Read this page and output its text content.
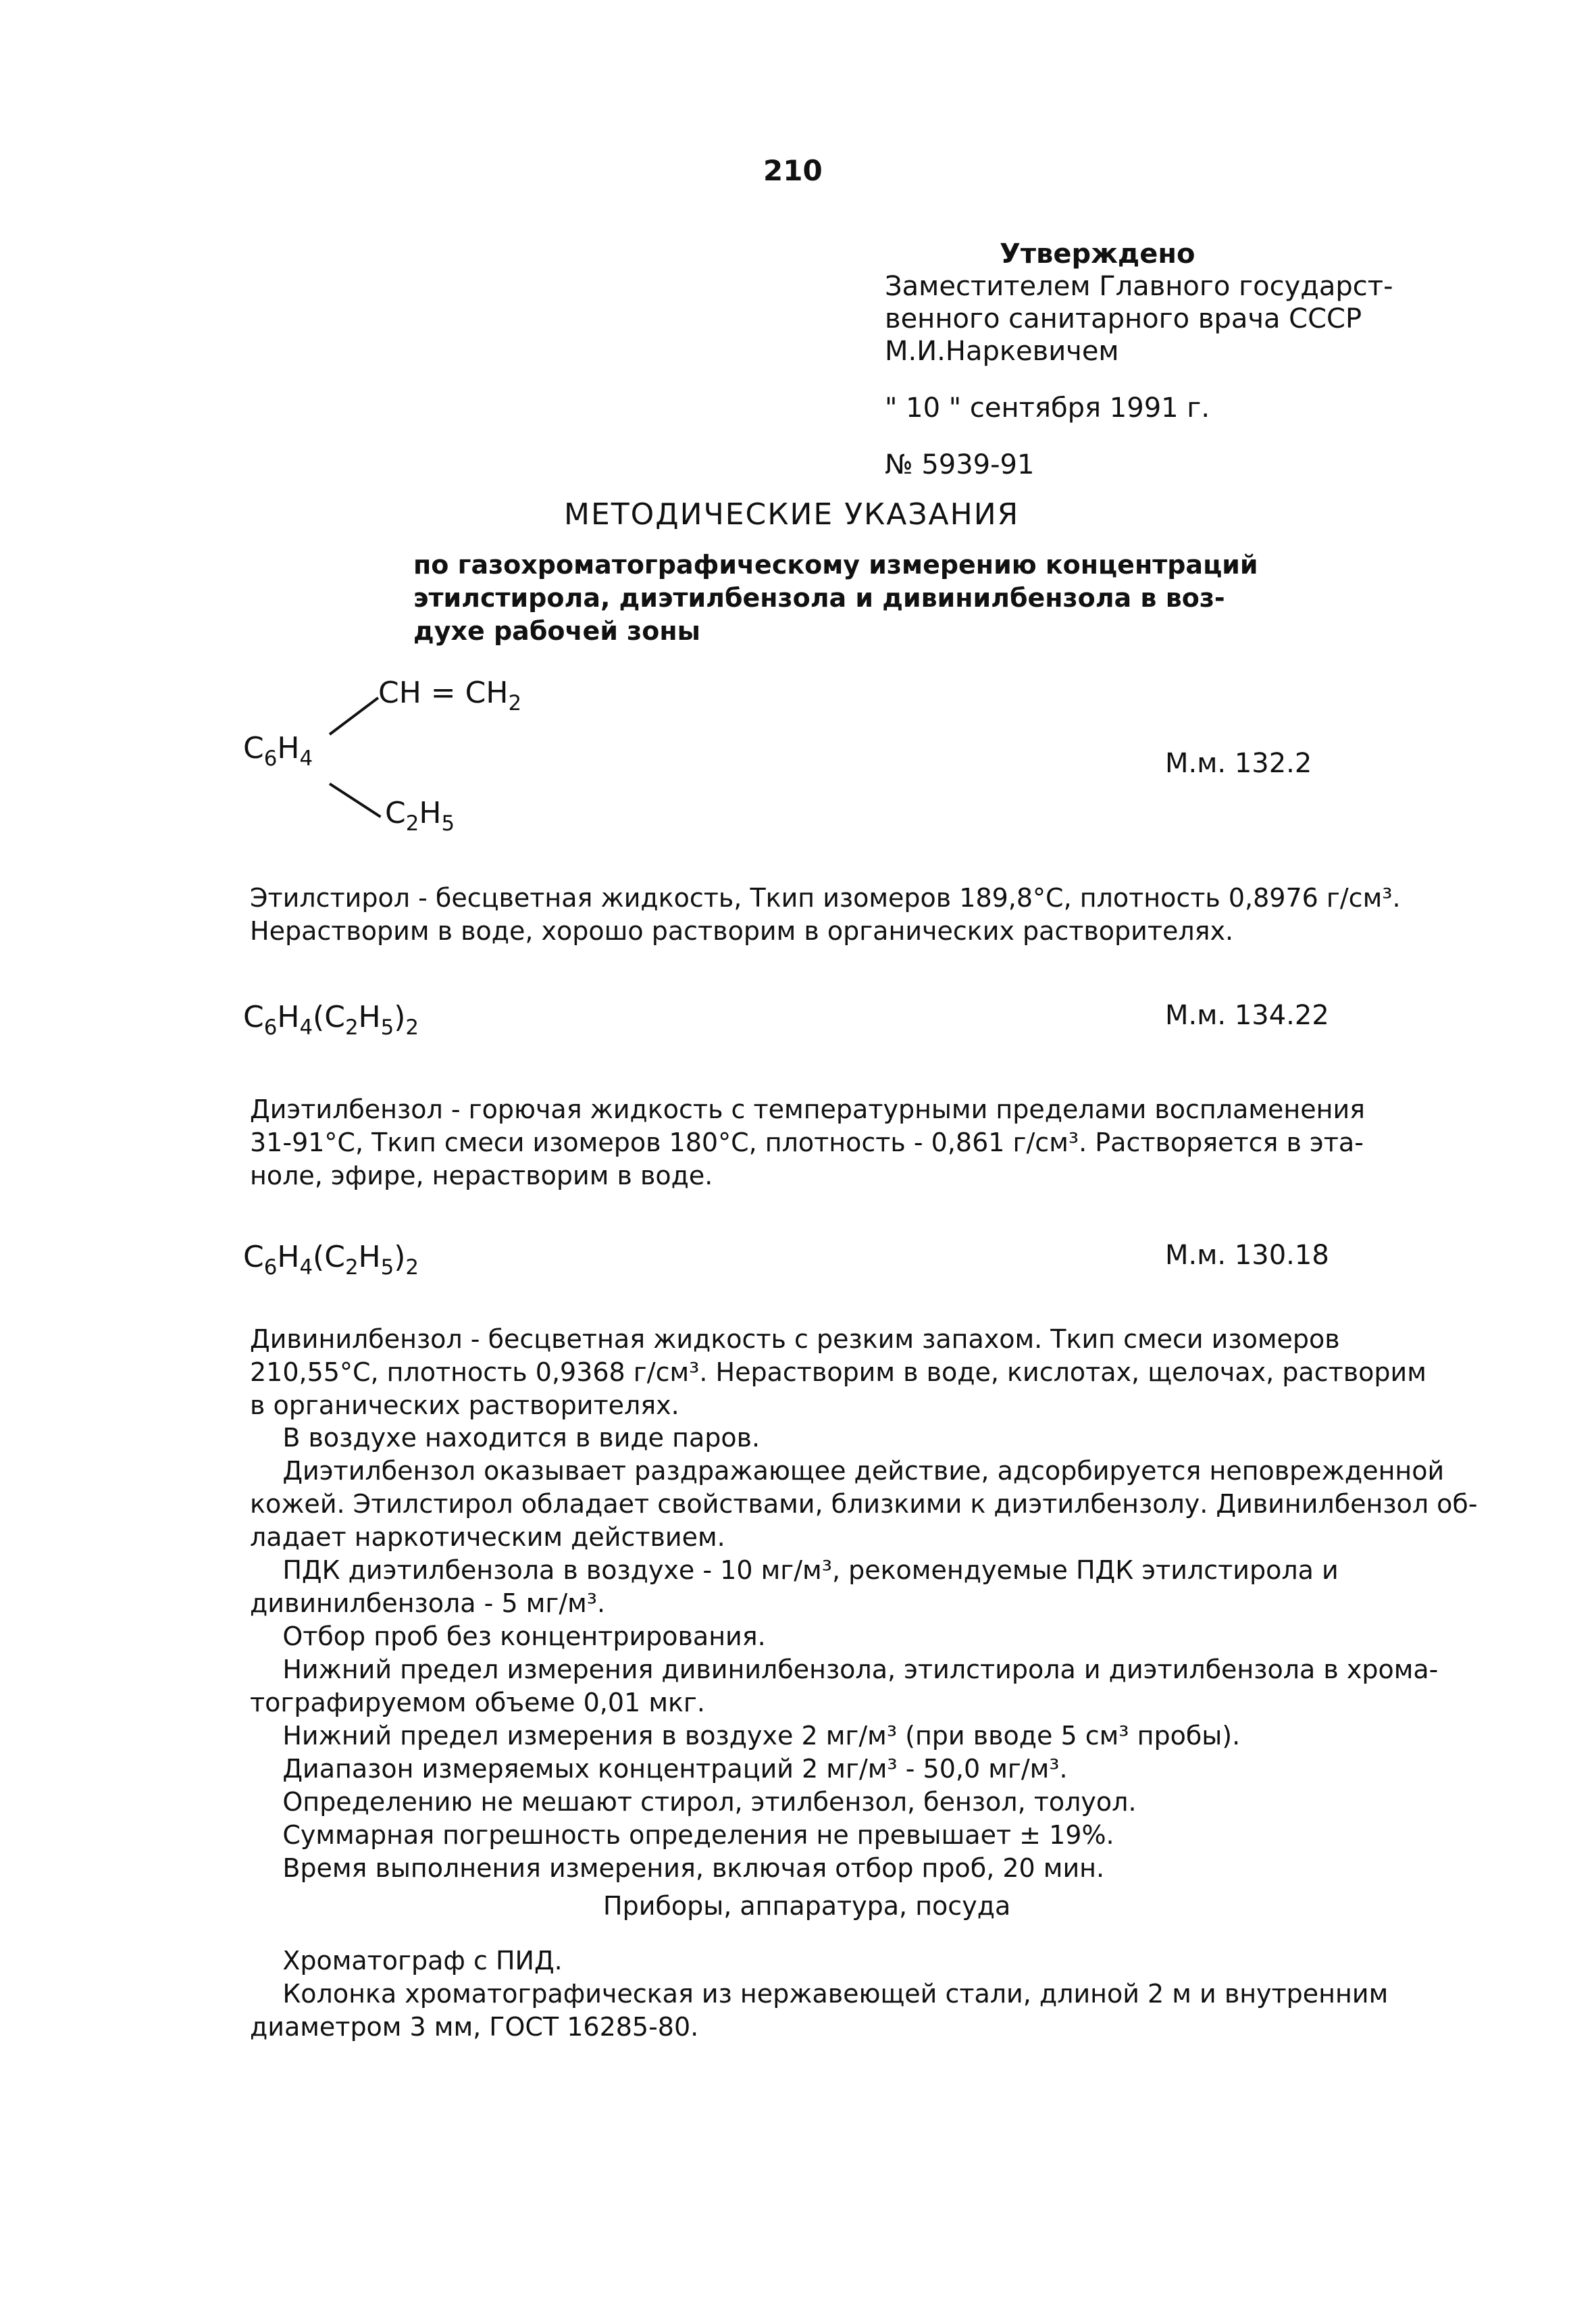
210
Утверждено
Заместителем Главного государст-
венного санитарного врача СССР
М.И.Наркевичем
" 10 " сентября 1991 г.
№ 5939-91
МЕТОДИЧЕСКИЕ УКАЗАНИЯ
по газохроматографическому измерению концентраций
этилстирола, диэтилбензола и дивинилбензола в воз-
духе рабочей зоны
$C_6H_4$
CH = $CH_2$
$C_2H_5$
М.м. 132.2
Этилстирол - бесцветная жидкость, Ткип изомеров 189,8°С, плотность 0,8976 г/см³.
Нерастворим в воде, хорошо растворим в органических растворителях.
$C_6H_4(C_2H_5)_2$	М.м. 134.22
Диэтилбензол - горючая жидкость с температурными пределами воспламенения
31-91°С, Ткип смеси изомеров 180°С, плотность - 0,861 г/см³. Растворяется в эта-
ноле, эфире, нерастворим в воде.
$C_6H_4(C_2H_5)_2$	М.м. 130.18
Дивинилбензол - бесцветная жидкость с резким запахом. Ткип смеси изомеров
210,55°С, плотность 0,9368 г/см³. Нерастворим в воде, кислотах, щелочах, растворим
в органических растворителях.
В воздухе находится в виде паров.
Диэтилбензол оказывает раздражающее действие, адсорбируется неповрежденной
кожей. Этилстирол обладает свойствами, близкими к диэтилбензолу. Дивинилбензол об-
ладает наркотическим действием.
ПДК диэтилбензола в воздухе - 10 мг/м³, рекомендуемые ПДК этилстирола и
дивинилбензола - 5 мг/м³.
Отбор проб без концентрирования.
Нижний предел измерения дивинилбензола, этилстирола и диэтилбензола в хрома-
тографируемом объеме 0,01 мкг.
Нижний предел измерения в воздухе 2 мг/м³ (при вводе 5 см³ пробы).
Диапазон измеряемых концентраций 2 мг/м³ - 50,0 мг/м³.
Определению не мешают стирол, этилбензол, бензол, толуол.
Суммарная погрешность определения не превышает ± 19%.
Время выполнения измерения, включая отбор проб, 20 мин.
Приборы, аппаратура, посуда
Хроматограф с ПИД.
Колонка хроматографическая из нержавеющей стали, длиной 2 м и внутренним
диаметром 3 мм, ГОСТ 16285-80.
